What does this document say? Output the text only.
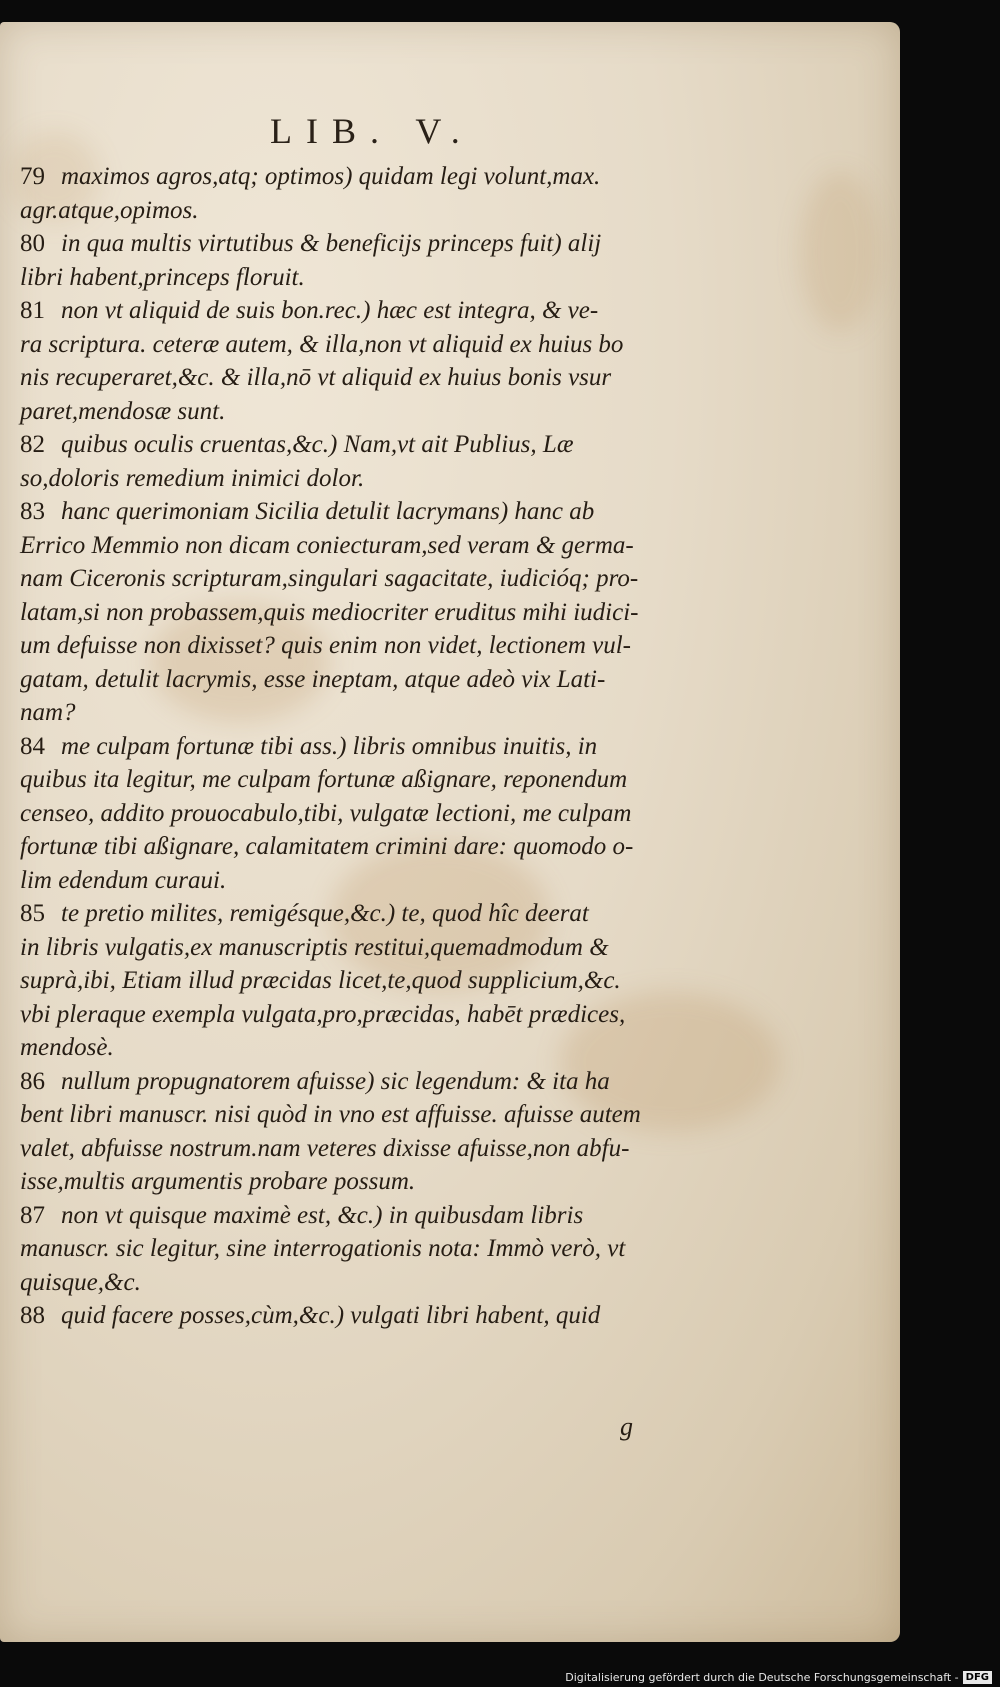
LIB. V.
79 maximos agros,atq; optimos) quidam legi volunt,max.
agr.atque,opimos.
80 in qua multis virtutibus & beneficijs princeps fuit) alij
libri habent,princeps floruit.
81 non vt aliquid de suis bon.rec.) hæc est integra, & ve-
ra scriptura. ceteræ autem, & illa,non vt aliquid ex huius bo
nis recuperaret,&c. & illa,nō vt aliquid ex huius bonis vsur
paret,mendosæ sunt.
82 quibus oculis cruentas,&c.) Nam,vt ait Publius, Læ
so,doloris remedium inimici dolor.
83 hanc querimoniam Sicilia detulit lacrymans) hanc ab
Errico Memmio non dicam coniecturam,sed veram & germa-
nam Ciceronis scripturam,singulari sagacitate, iudicióq; pro-
latam,si non probassem,quis mediocriter eruditus mihi iudici-
um defuisse non dixisset? quis enim non videt, lectionem vul-
gatam, detulit lacrymis, esse ineptam, atque adeò vix Lati-
nam?
84 me culpam fortunæ tibi ass.) libris omnibus inuitis, in
quibus ita legitur, me culpam fortunæ aßignare, reponendum
censeo, addito prouocabulo,tibi, vulgatæ lectioni, me culpam
fortunæ tibi aßignare, calamitatem crimini dare: quomodo o-
lim edendum curaui.
85 te pretio milites, remigésque,&c.) te, quod hîc deerat
in libris vulgatis,ex manuscriptis restitui,quemadmodum &
suprà,ibi, Etiam illud præcidas licet,te,quod supplicium,&c.
vbi pleraque exempla vulgata,pro,præcidas, habēt prædices,
mendosè.
86 nullum propugnatorem afuisse) sic legendum: & ita ha
bent libri manuscr. nisi quòd in vno est affuisse. afuisse autem
valet, abfuisse nostrum.nam veteres dixisse afuisse,non abfu-
isse,multis argumentis probare possum.
87 non vt quisque maximè est, &c.) in quibusdam libris
manuscr. sic legitur, sine interrogationis nota: Immò verò, vt
quisque,&c.
88 quid facere posses,cùm,&c.) vulgati libri habent, quid
g
Digitalisierung gefördert durch die Deutsche Forschungsgemeinschaft - DFG
